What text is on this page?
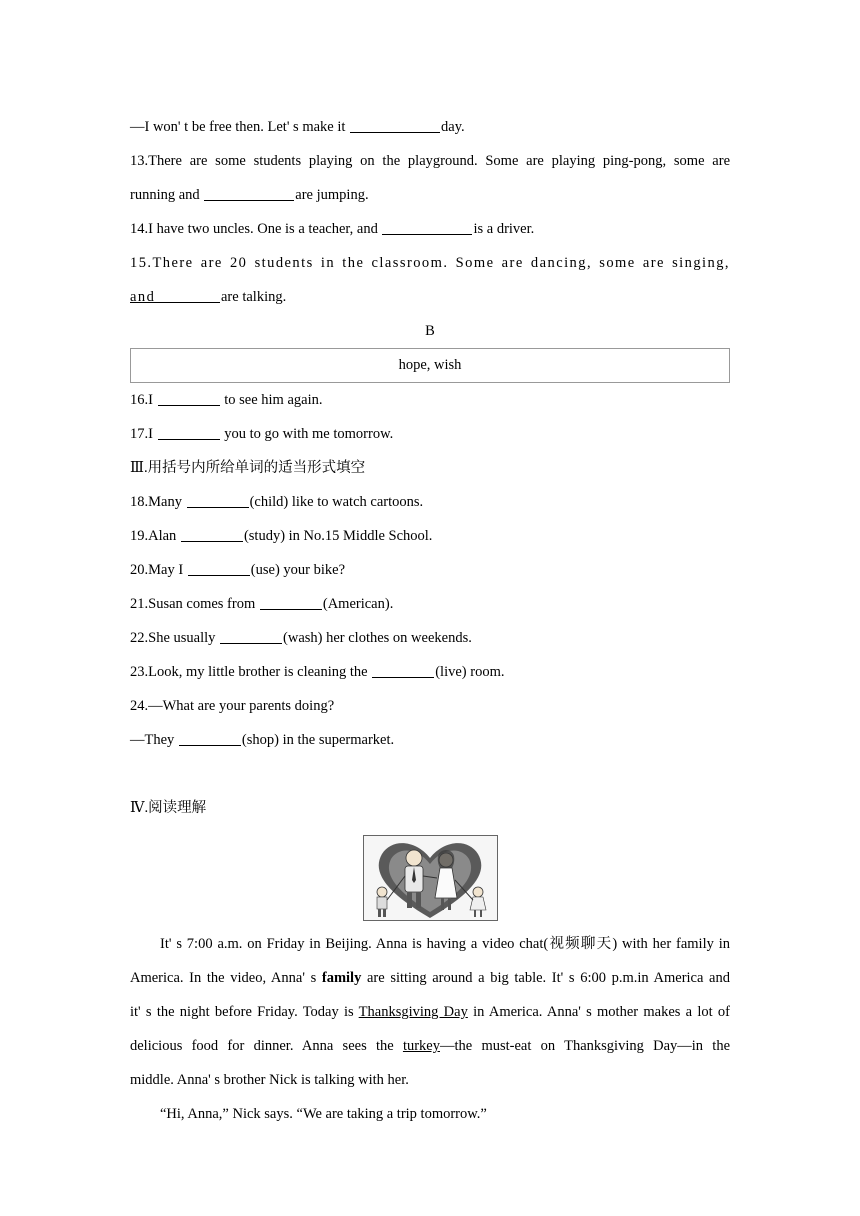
—I won' t be free then. Let' s make it	day.
13.There are some students playing on the playground. Some are playing ping-pong, some are
running and	are jumping.
14.I have two uncles. One is a teacher, and	is a driver.
15.There are 20 students in the classroom. Some are dancing, some are singing, and	are talking.
B
hope, wish
16.I	to see him again.
17.I	you to go with me tomorrow.
Ⅲ.用括号内所给单词的适当形式填空
18.Many	(child) like to watch cartoons.
19.Alan	(study) in No.15 Middle School.
20.May I	(use) your bike?
21.Susan comes from	(American).
22.She usually	(wash) her clothes on weekends.
23.Look, my little brother is cleaning the	(live) room.
24.—What are your parents doing?
—They	(shop) in the supermarket.
Ⅳ.阅读理解
It' s 7:00 a.m. on Friday in Beijing. Anna is having a video chat(视频聊天) with her family in
America. In the video, Anna' s family are sitting around a big table. It' s 6:00 p.m.in America and
it' s the night before Friday. Today is Thanksgiving Day in America. Anna' s mother makes a lot of
delicious food for dinner. Anna sees the turkey—the must-eat on Thanksgiving Day—in the
middle. Anna' s brother Nick is talking with her.
“Hi, Anna,” Nick says. “We are taking a trip tomorrow.”
